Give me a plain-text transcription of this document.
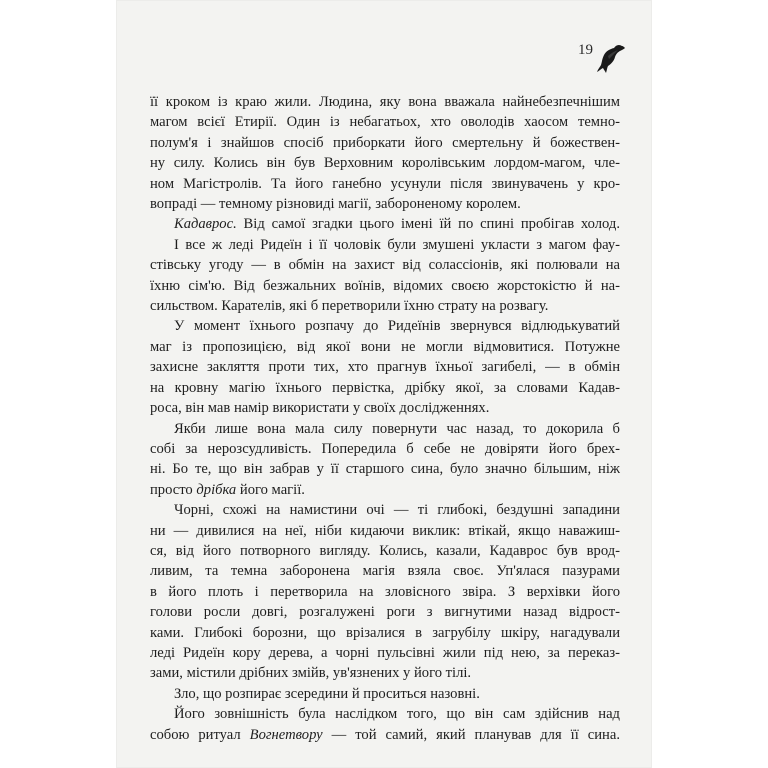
19
її кроком із краю жили. Людина, яку вона вважала найнебезпечнішим
магом всієї Етирії. Один із небагатьох, хто оволодів хаосом темно-
полум'я і знайшов спосіб приборкати його смертельну й божествен-
ну силу. Колись він був Верховним королівським лордом-магом, чле-
ном Магістролів. Та його ганебно усунули після звинувачень у кро-
вопраді — темному різновиді магії, забороненому королем.
Кадаврос. Від самої згадки цього імені їй по спині пробігав холод.
І все ж леді Ридеїн і її чоловік були змушені укласти з магом фау-
стівську угоду — в обмін на захист від солассіонів, які полювали на
їхню сім'ю. Від безжальних воїнів, відомих своєю жорстокістю й на-
сильством. Карателів, які б перетворили їхню страту на розвагу.
У момент їхнього розпачу до Ридеїнів звернувся відлюдькуватий
маг із пропозицією, від якої вони не могли відмовитися. Потужне
захисне закляття проти тих, хто прагнув їхньої загибелі, — в обмін
на кровну магію їхнього первістка, дрібку якої, за словами Кадав-
роса, він мав намір використати у своїх дослідженнях.
Якби лише вона мала силу повернути час назад, то докорила б
собі за нерозсудливість. Попередила б себе не довіряти його брех-
ні. Бо те, що він забрав у її старшого сина, було значно більшим, ніж
просто дрібка його магії.
Чорні, схожі на намистини очі — ті глибокі, бездушні западини
ни — дивилися на неї, ніби кидаючи виклик: втікай, якщо наважиш-
ся, від його потворного вигляду. Колись, казали, Кадаврос був врод-
ливим, та темна заборонена магія взяла своє. Уп'ялася пазурами
в його плоть і перетворила на зловісного звіра. З верхівки його
голови росли довгі, розгалужені роги з вигнутими назад відрост-
ками. Глибокі борозни, що врізалися в загрубілу шкіру, нагадували
леді Ридеїн кору дерева, а чорні пульсівні жили під нею, за переказ-
зами, містили дрібних змійв, ув'язнених у його тілі.
Зло, що розпирає зсередини й проситься назовні.
Його зовнішність була наслідком того, що він сам здійснив над
собою ритуал Вогнетвору — той самий, який планував для її сина.
